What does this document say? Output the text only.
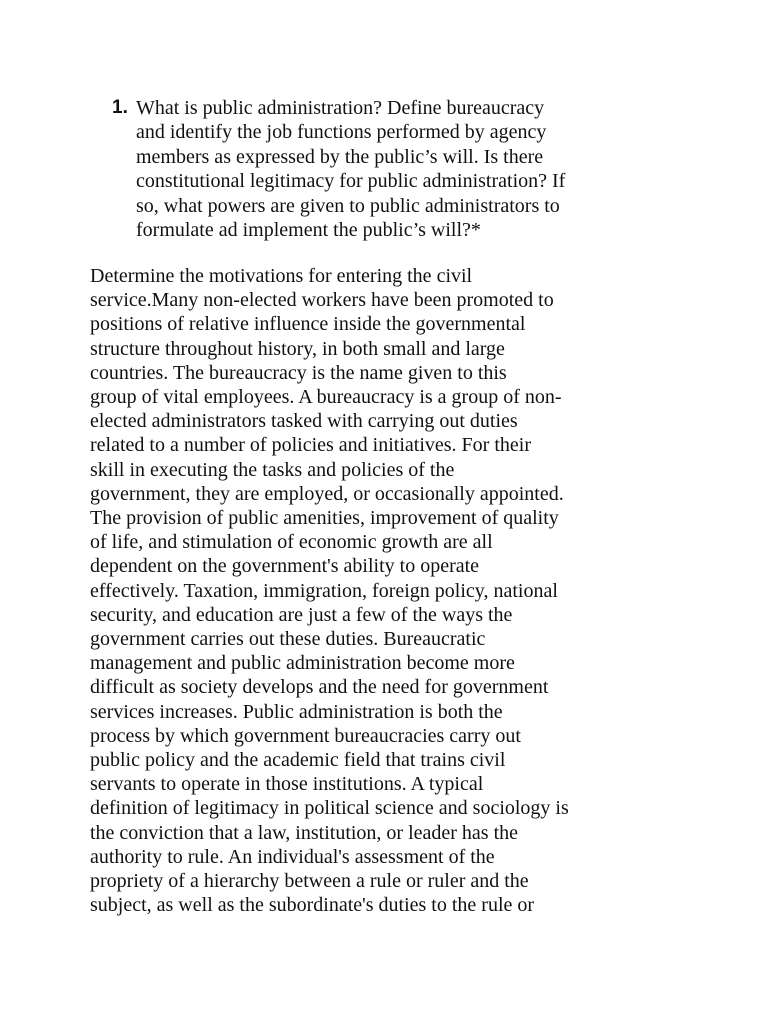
1. What is public administration? Define bureaucracy
and identify the job functions performed by agency
members as expressed by the public’s will. Is there
constitutional legitimacy for public administration? If
so, what powers are given to public administrators to
formulate ad implement the public’s will?*
Determine the motivations for entering the civil
service.Many non-elected workers have been promoted to
positions of relative influence inside the governmental
structure throughout history, in both small and large
countries. The bureaucracy is the name given to this
group of vital employees. A bureaucracy is a group of non-
elected administrators tasked with carrying out duties
related to a number of policies and initiatives. For their
skill in executing the tasks and policies of the
government, they are employed, or occasionally appointed.
The provision of public amenities, improvement of quality
of life, and stimulation of economic growth are all
dependent on the government's ability to operate
effectively. Taxation, immigration, foreign policy, national
security, and education are just a few of the ways the
government carries out these duties. Bureaucratic
management and public administration become more
difficult as society develops and the need for government
services increases. Public administration is both the
process by which government bureaucracies carry out
public policy and the academic field that trains civil
servants to operate in those institutions. A typical
definition of legitimacy in political science and sociology is
the conviction that a law, institution, or leader has the
authority to rule. An individual's assessment of the
propriety of a hierarchy between a rule or ruler and the
subject, as well as the subordinate's duties to the rule or
